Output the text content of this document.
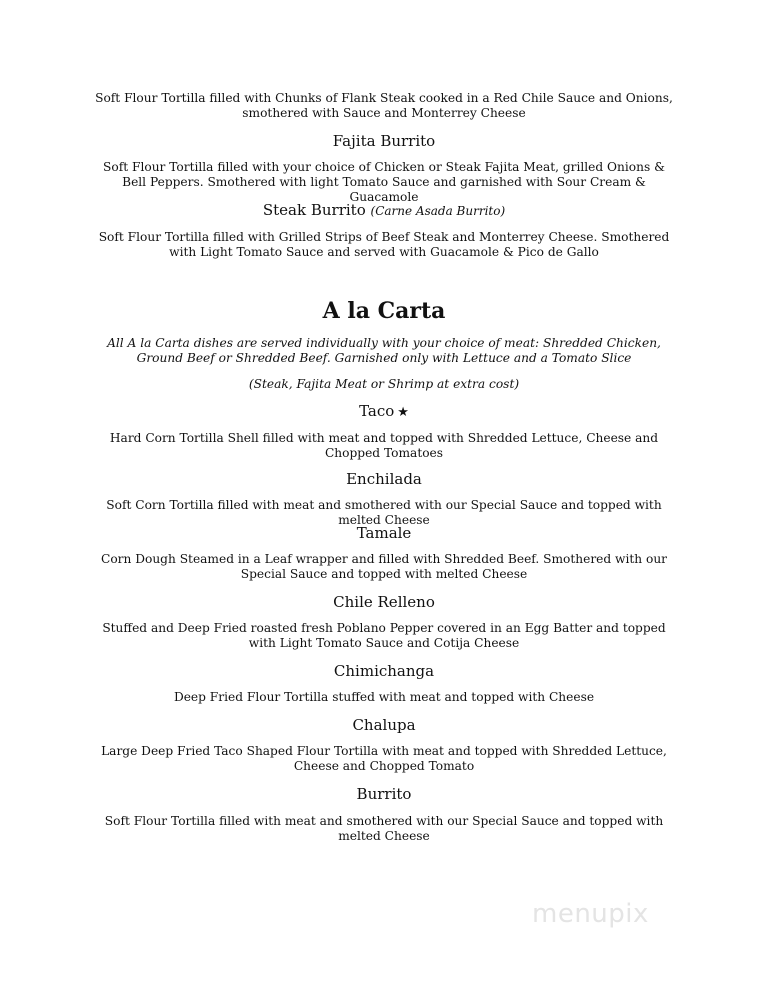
Soft Flour Tortilla filled with Chunks of Flank Steak cooked in a Red Chile Sauce and Onions, smothered with Sauce and Monterrey Cheese
Fajita Burrito
Soft Flour Tortilla filled with your choice of Chicken or Steak Fajita Meat, grilled Onions & Bell Peppers. Smothered with light Tomato Sauce and garnished with Sour Cream & Guacamole
Steak Burrito (Carne Asada Burrito)
Soft Flour Tortilla filled with Grilled Strips of Beef Steak and Monterrey Cheese. Smothered with Light Tomato Sauce and served with Guacamole & Pico de Gallo
A la Carta
All A la Carta dishes are served individually with your choice of meat: Shredded Chicken, Ground Beef or Shredded Beef. Garnished only with Lettuce and a Tomato Slice
(Steak, Fajita Meat or Shrimp at extra cost)
Taco ★
Hard Corn Tortilla Shell filled with meat and topped with Shredded Lettuce, Cheese and Chopped Tomatoes
Enchilada
Soft Corn Tortilla filled with meat and smothered with our Special Sauce and topped with melted Cheese
Tamale
Corn Dough Steamed in a Leaf wrapper and filled with Shredded Beef. Smothered with our Special Sauce and topped with melted Cheese
Chile Relleno
Stuffed and Deep Fried roasted fresh Poblano Pepper covered in an Egg Batter and topped with Light Tomato Sauce and Cotija Cheese
Chimichanga
Deep Fried Flour Tortilla stuffed with meat and topped with Cheese
Chalupa
Large Deep Fried Taco Shaped Flour Tortilla with meat and topped with Shredded Lettuce, Cheese and Chopped Tomato
Burrito
Soft Flour Tortilla filled with meat and smothered with our Special Sauce and topped with melted Cheese
menupix
